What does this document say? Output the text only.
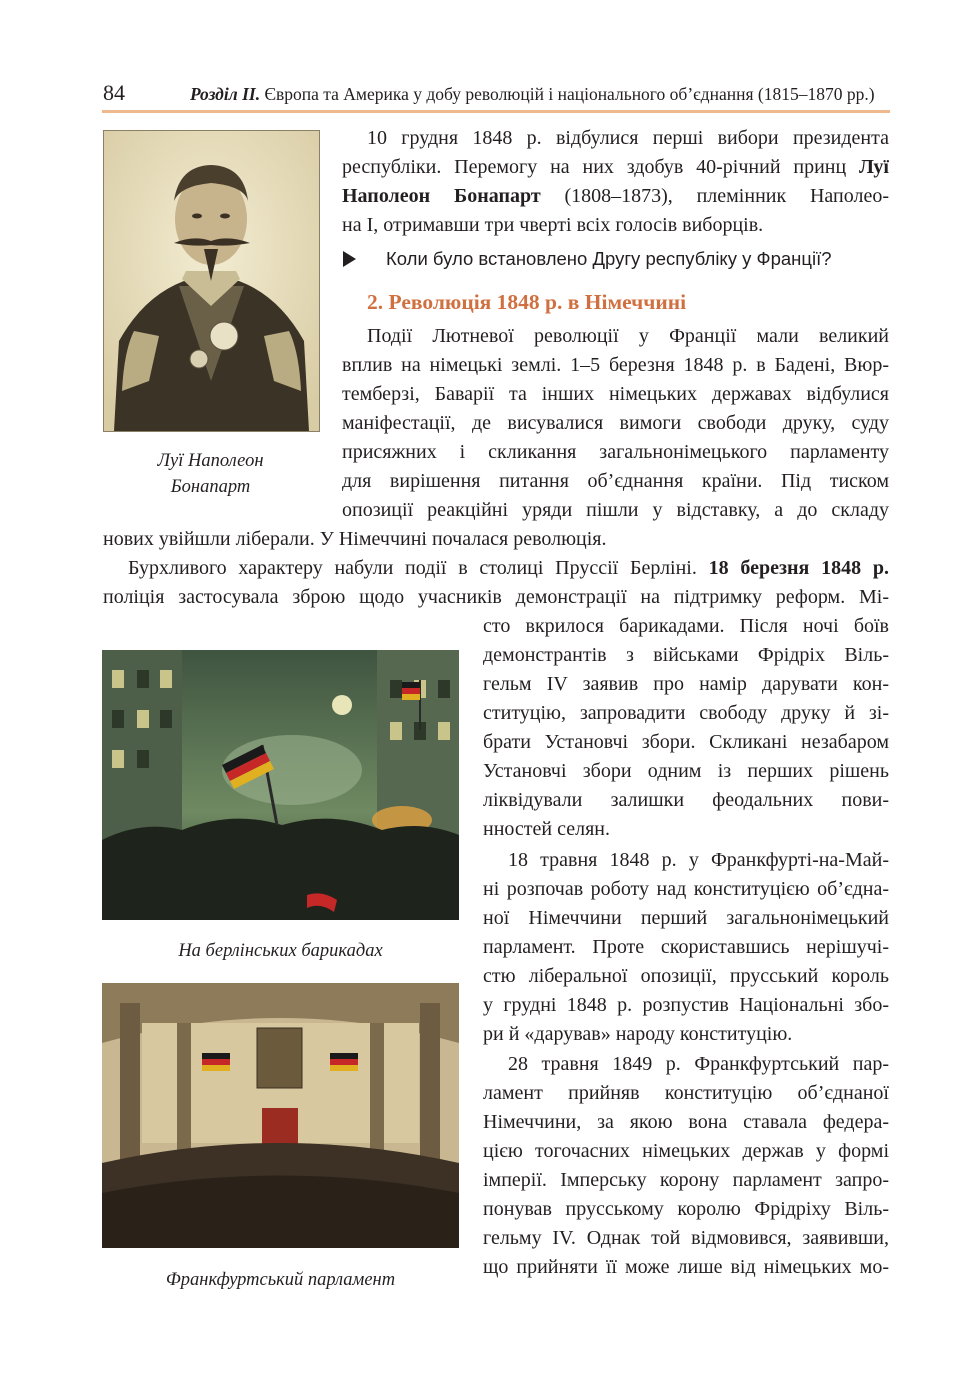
84	Розділ ІІ. Європа та Америка у добу революцій і національного об’єднання (1815–1870 рр.)
Луї Наполеон
Бонапарт
10 грудня 1848 р. відбулися перші вибори президента
республіки. Перемогу на них здобув 40-річний принц Луї
Наполеон Бонапарт (1808–1873), племінник Наполео-
на I, отримавши три чверті всіх голосів виборців.
Коли було встановлено Другу республіку у Франції?
2. Революція 1848 р. в Німеччині
Події Лютневої революції у Франції мали великий
вплив на німецькі землі. 1–5 березня 1848 р. в Бадені, Вюр-
темберзі, Баварії та інших німецьких державах відбулися
маніфестації, де висувалися вимоги свободи друку, суду
присяжних і скликання загальнонімецького парламенту
для вирішення питання об’єднання країни. Під тиском
опозиції реакційні уряди пішли у відставку, а до складу
нових увійшли ліберали. У Німеччині почалася революція.
Бурхливого характеру набули події в столиці Пруссії Берліні. 18 березня 1848 р.
поліція застосувала зброю щодо учасників демонстрації на підтримку реформ. Мі-
На берлінських барикадах
Франкфуртський парламент
сто вкрилося барикадами. Після ночі боїв
демонстрантів з військами Фрідріх Віль-
гельм IV заявив про намір дарувати кон-
ституцію, запровадити свободу друку й зі-
брати Установчі збори. Скликані незабаром
Установчі збори одним із перших рішень
ліквідували залишки феодальних пови-
нностей селян.
18 травня 1848 р. у Франкфурті-на-Май-
ні розпочав роботу над конституцією об’єдна-
ної Німеччини перший загальнонімецький
парламент. Проте скориставшись нерішучі-
стю ліберальної опозиції, прусський король
у грудні 1848 р. розпустив Національні збо-
ри й «дарував» народу конституцію.
28 травня 1849 р. Франкфуртський пар-
ламент прийняв конституцію об’єднаної
Німеччини, за якою вона ставала федера-
цією тогочасних німецьких держав у формі
імперії. Імперську корону парламент запро-
понував прусському королю Фрідріху Віль-
гельму IV. Однак той відмовився, заявивши,
що прийняти її може лише від німецьких мо-
